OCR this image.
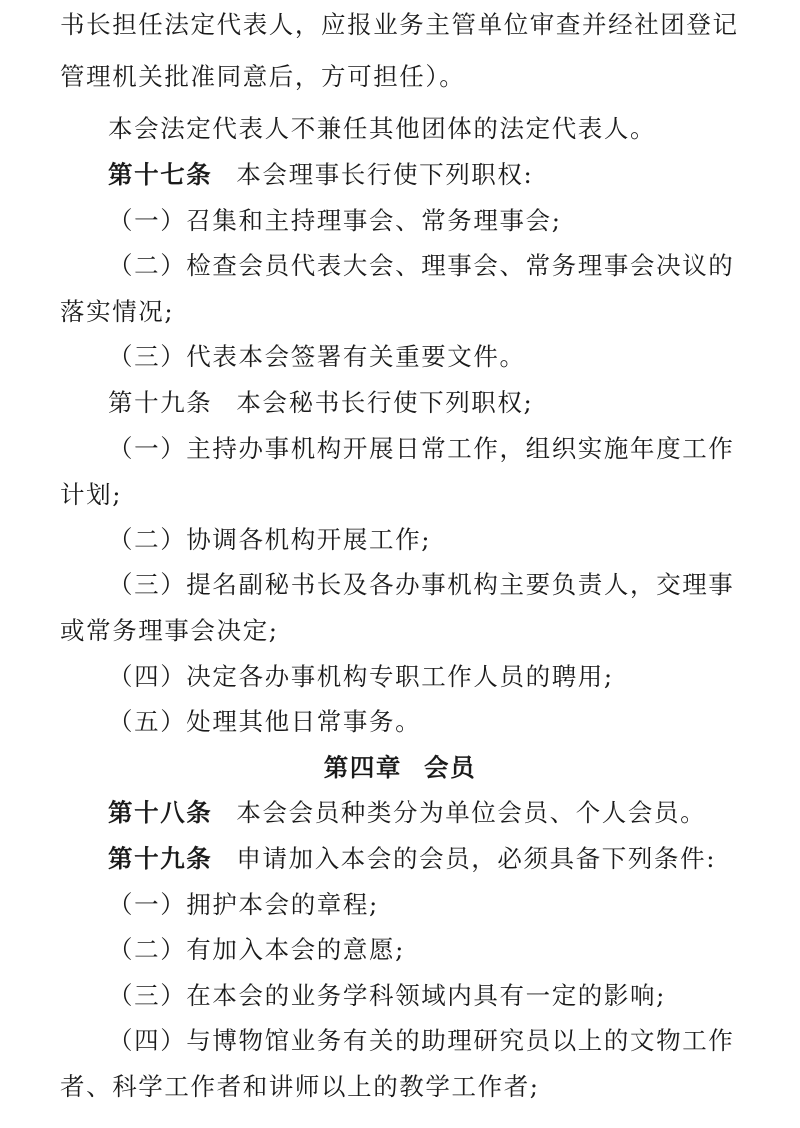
书长担任法定代表人，应报业务主管单位审查并经社团登记
管理机关批准同意后，方可担任）。
本会法定代表人不兼任其他团体的法定代表人。
第十七条 本会理事长行使下列职权:
（一）召集和主持理事会、常务理事会;
（二）检查会员代表大会、理事会、常务理事会决议的
落实情况;
（三）代表本会签署有关重要文件。
第十九条 本会秘书长行使下列职权;
（一）主持办事机构开展日常工作，组织实施年度工作
计划;
（二）协调各机构开展工作;
（三）提名副秘书长及各办事机构主要负责人，交理事
或常务理事会决定;
（四）决定各办事机构专职工作人员的聘用;
（五）处理其他日常事务。
第四章 会员
第十八条 本会会员种类分为单位会员、个人会员。
第十九条 申请加入本会的会员，必须具备下列条件:
（一）拥护本会的章程;
（二）有加入本会的意愿;
（三）在本会的业务学科领域内具有一定的影响;
（四）与博物馆业务有关的助理研究员以上的文物工作
者、科学工作者和讲师以上的教学工作者;
